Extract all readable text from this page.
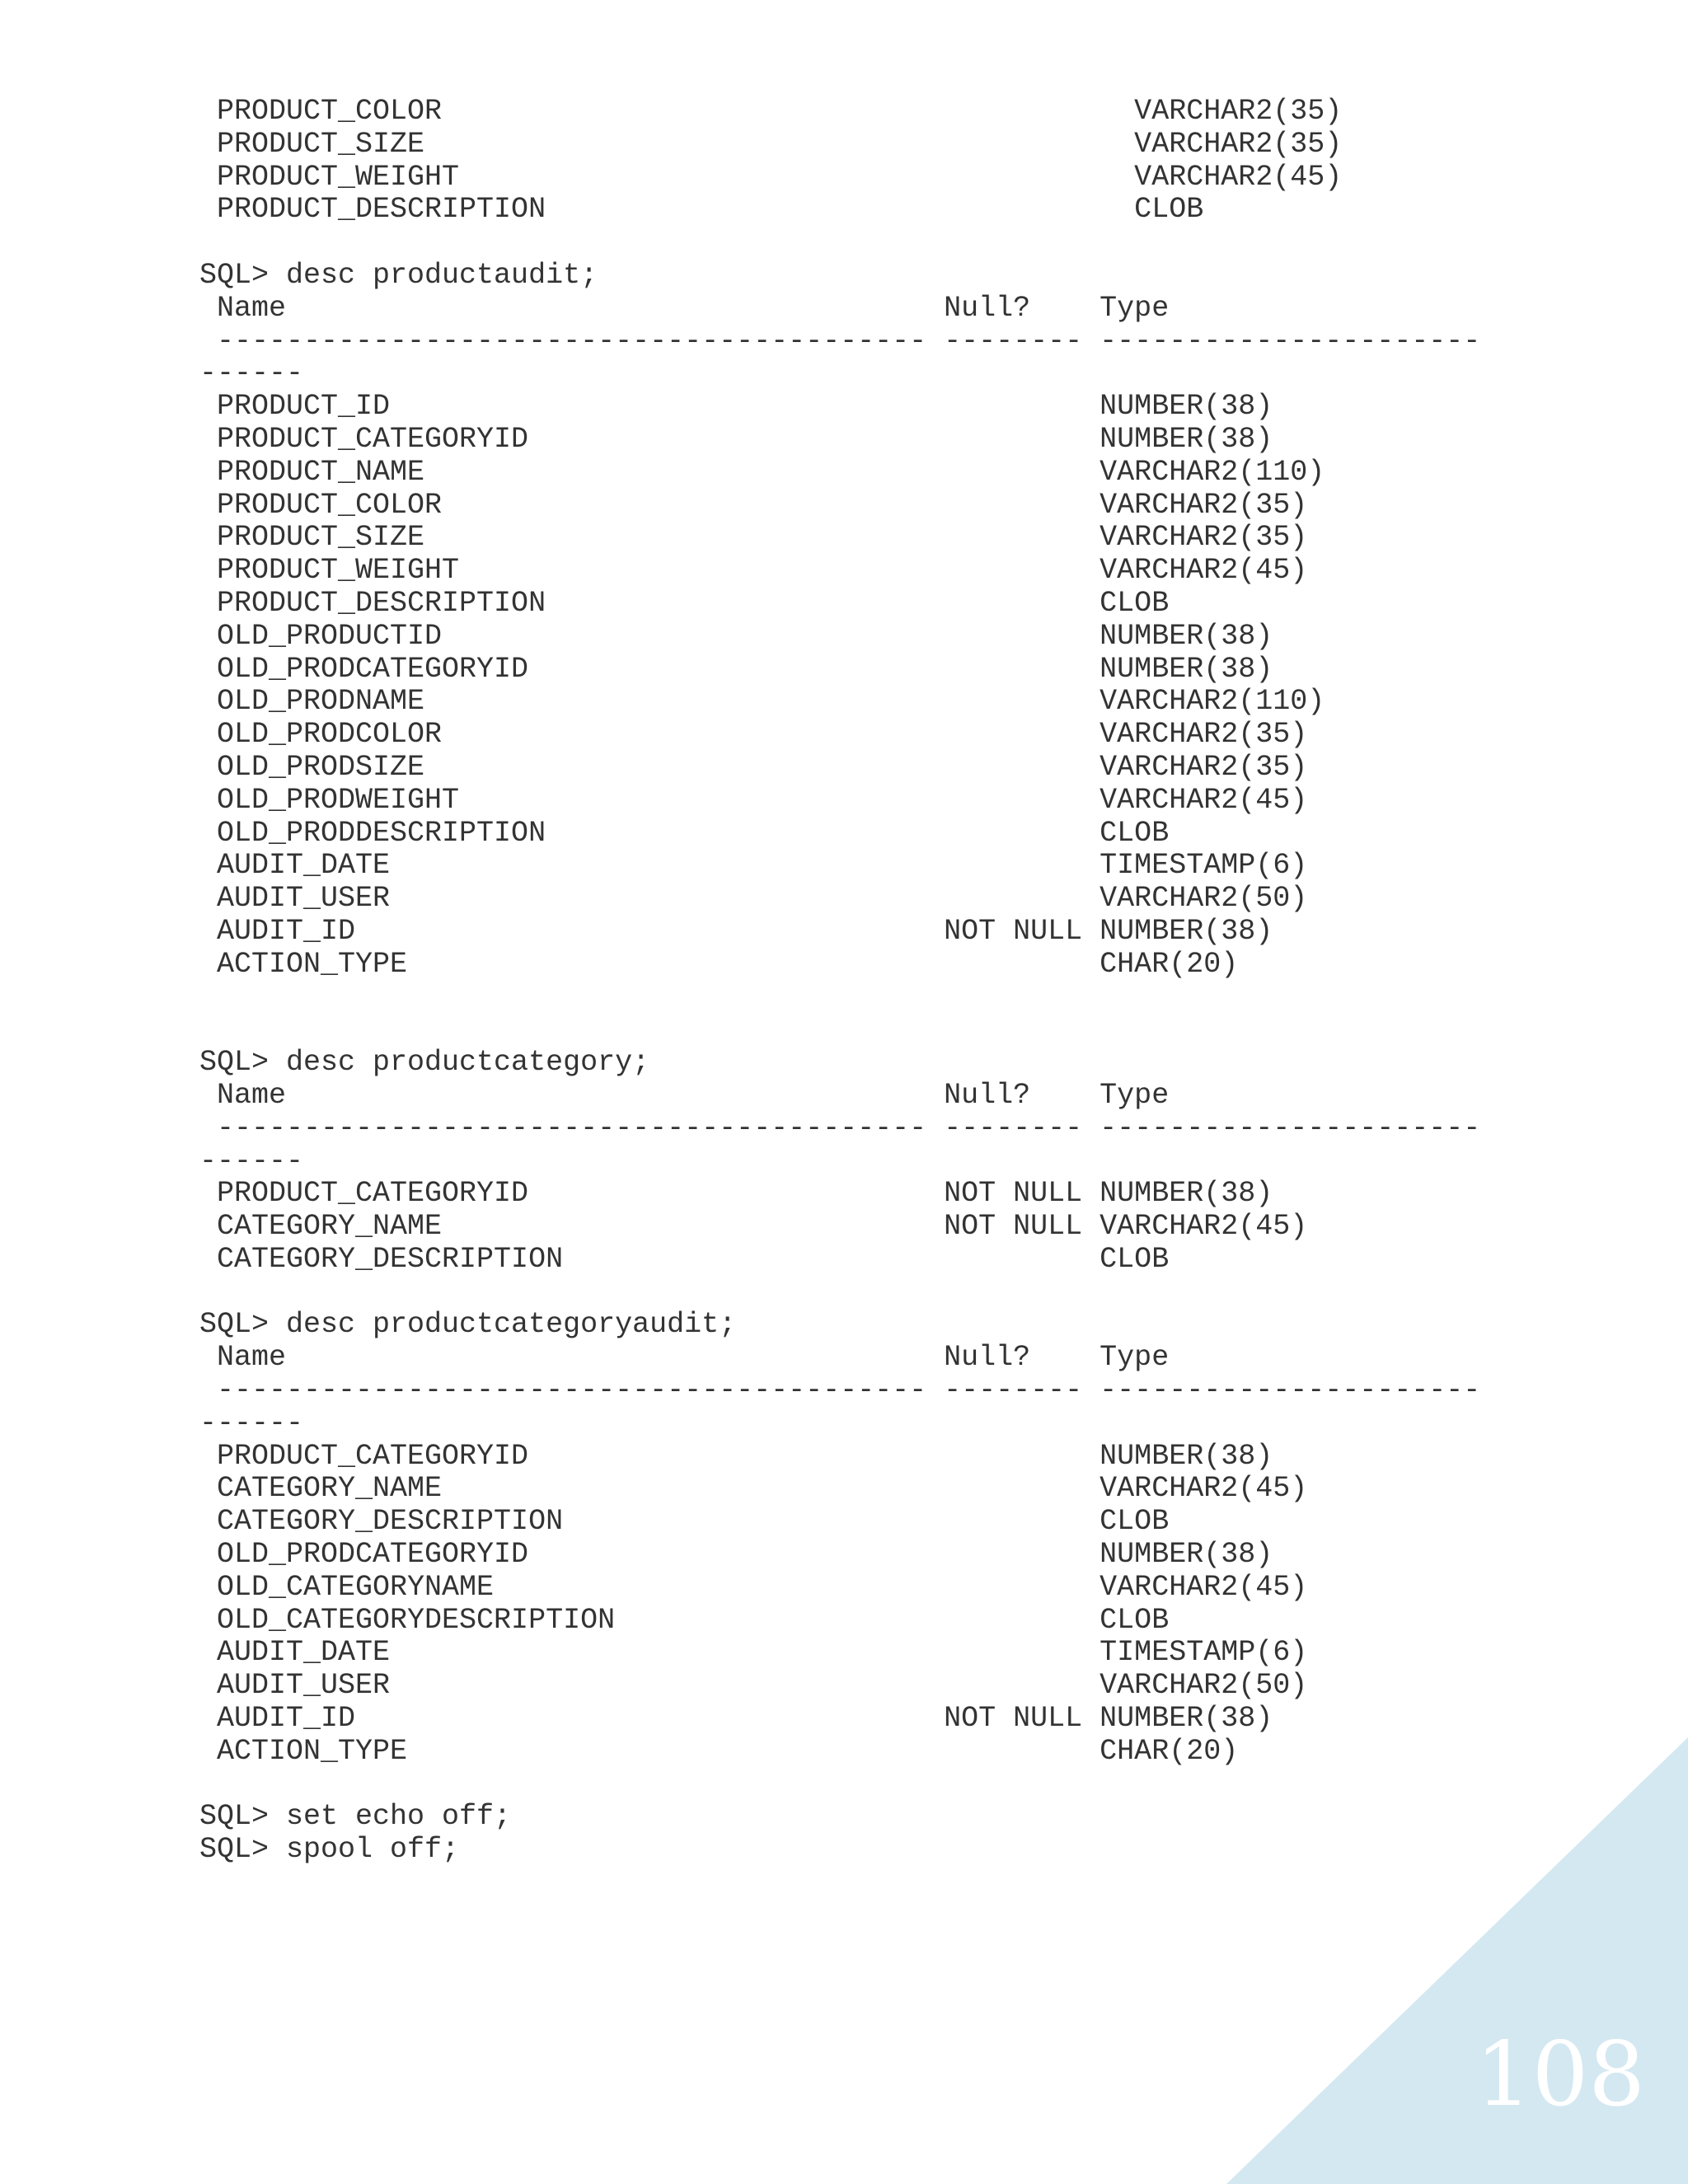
PRODUCT_COLOR                                        VARCHAR2(35)
PRODUCT_SIZE                                         VARCHAR2(35)
PRODUCT_WEIGHT                                       VARCHAR2(45)
PRODUCT_DESCRIPTION                                  CLOB
SQL> desc productaudit;
Name                                      Null?    Type
----------------------------------------- -------- ----------------------
------
PRODUCT_ID                                         NUMBER(38)
PRODUCT_CATEGORYID                                 NUMBER(38)
PRODUCT_NAME                                       VARCHAR2(110)
PRODUCT_COLOR                                      VARCHAR2(35)
PRODUCT_SIZE                                       VARCHAR2(35)
PRODUCT_WEIGHT                                     VARCHAR2(45)
PRODUCT_DESCRIPTION                                CLOB
OLD_PRODUCTID                                      NUMBER(38)
OLD_PRODCATEGORYID                                 NUMBER(38)
OLD_PRODNAME                                       VARCHAR2(110)
OLD_PRODCOLOR                                      VARCHAR2(35)
OLD_PRODSIZE                                       VARCHAR2(35)
OLD_PRODWEIGHT                                     VARCHAR2(45)
OLD_PRODDESCRIPTION                                CLOB
AUDIT_DATE                                         TIMESTAMP(6)
AUDIT_USER                                         VARCHAR2(50)
AUDIT_ID                                  NOT NULL NUMBER(38)
ACTION_TYPE                                        CHAR(20)
SQL> desc productcategory;
Name                                      Null?    Type
----------------------------------------- -------- ----------------------
------
PRODUCT_CATEGORYID                        NOT NULL NUMBER(38)
CATEGORY_NAME                             NOT NULL VARCHAR2(45)
CATEGORY_DESCRIPTION                               CLOB
SQL> desc productcategoryaudit;
Name                                      Null?    Type
----------------------------------------- -------- ----------------------
------
PRODUCT_CATEGORYID                                 NUMBER(38)
CATEGORY_NAME                                      VARCHAR2(45)
CATEGORY_DESCRIPTION                               CLOB
OLD_PRODCATEGORYID                                 NUMBER(38)
OLD_CATEGORYNAME                                   VARCHAR2(45)
OLD_CATEGORYDESCRIPTION                            CLOB
AUDIT_DATE                                         TIMESTAMP(6)
AUDIT_USER                                         VARCHAR2(50)
AUDIT_ID                                  NOT NULL NUMBER(38)
ACTION_TYPE                                        CHAR(20)
SQL> set echo off;
SQL> spool off;
108
